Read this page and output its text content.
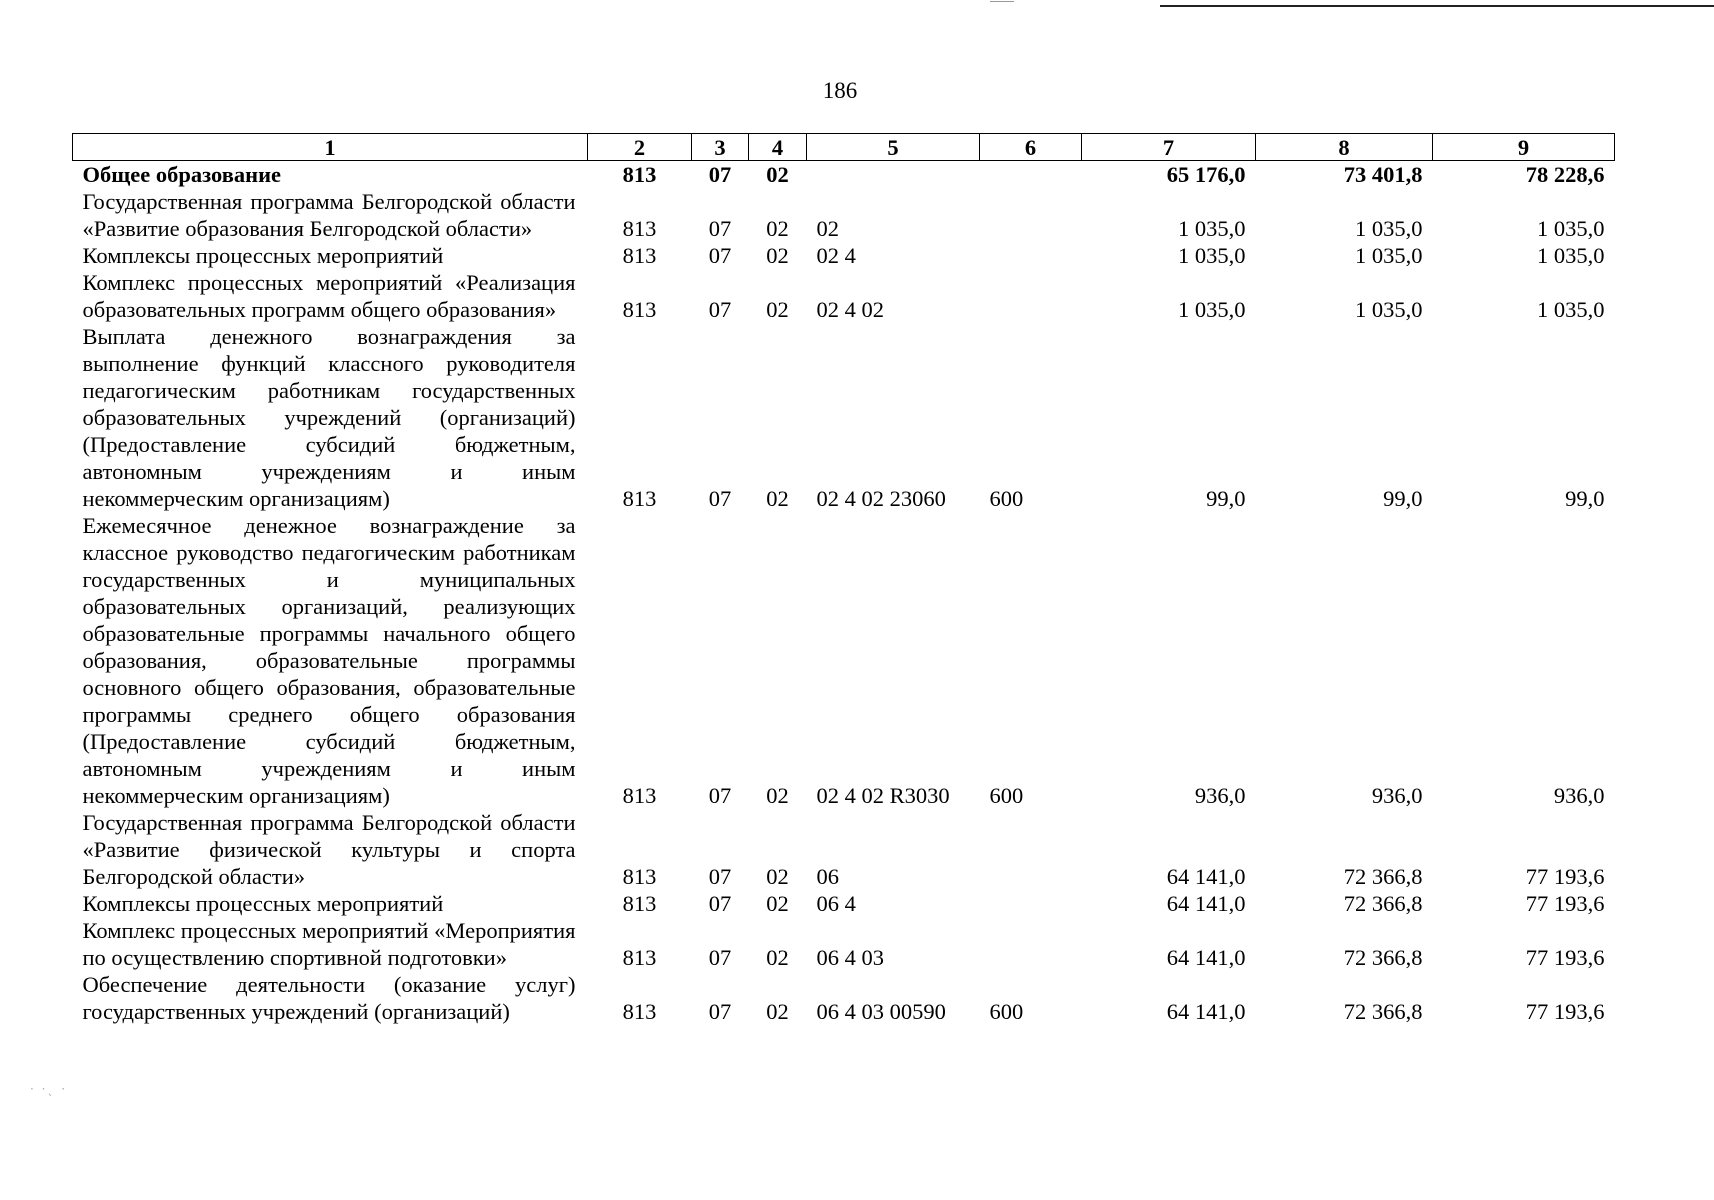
186
1	2	3	4	5	6	7	8	9
Общее образование	813	07	02			65 176,0	73 401,8	78 228,6
Государственная программа Белгородской области «Развитие образования Белгородской области»	813	07	02	02		1 035,0	1 035,0	1 035,0
Комплексы процессных мероприятий	813	07	02	02 4		1 035,0	1 035,0	1 035,0
Комплекс процессных мероприятий «Реализация образовательных программ общего образования»	813	07	02	02 4 02		1 035,0	1 035,0	1 035,0
Выплата денежного вознаграждения за выполнение функций классного руководителя педагогическим работникам государственных образовательных учреждений (организаций) (Предоставление субсидий бюджетным, автономным учреждениям и иным некоммерческим организациям)	813	07	02	02 4 02 23060	600	99,0	99,0	99,0
Ежемесячное денежное вознаграждение за классное руководство педагогическим работникам государственных и муниципальных образовательных организаций, реализующих образовательные программы начального общего образования, образовательные программы основного общего образования, образовательные программы среднего общего образования (Предоставление субсидий бюджетным, автономным учреждениям и иным некоммерческим организациям)	813	07	02	02 4 02 R3030	600	936,0	936,0	936,0
Государственная программа Белгородской области «Развитие физической культуры и спорта Белгородской области»	813	07	02	06		64 141,0	72 366,8	77 193,6
Комплексы процессных мероприятий	813	07	02	06 4		64 141,0	72 366,8	77 193,6
Комплекс процессных мероприятий «Мероприятия по осуществлению спортивной подготовки»	813	07	02	06 4 03		64 141,0	72 366,8	77 193,6
Обеспечение деятельности (оказание услуг) государственных учреждений (организаций)	813	07	02	06 4 03 00590	600	64 141,0	72 366,8	77 193,6
· ·ˎ ·
